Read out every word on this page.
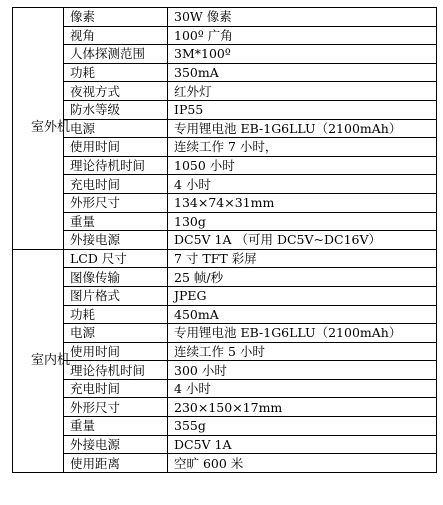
室外机	像素	30W 像素
	视角	100º 广角
	人体探测范围	3M*100º
	功耗	350mA
	夜视方式	红外灯
	防水等级	IP55
	电源	专用锂电池 EB-1G6LLU（2100mAh）
	使用时间	连续工作 7 小时，
	理论待机时间	1050 小时
	充电时间	4 小时
	外形尺寸	134×74×31mm
	重量	130g
	外接电源	DC5V 1A （可用 DC5V~DC16V）
室内机	LCD 尺寸	7 寸 TFT 彩屏
	图像传输	25 帧/秒
	图片格式	JPEG
	功耗	450mA
	电源	专用锂电池 EB-1G6LLU（2100mAh）
	使用时间	连续工作 5 小时
	理论待机时间	300 小时
	充电时间	4 小时
	外形尺寸	230×150×17mm
	重量	355g
	外接电源	DC5V 1A
	使用距离	空旷 600 米
